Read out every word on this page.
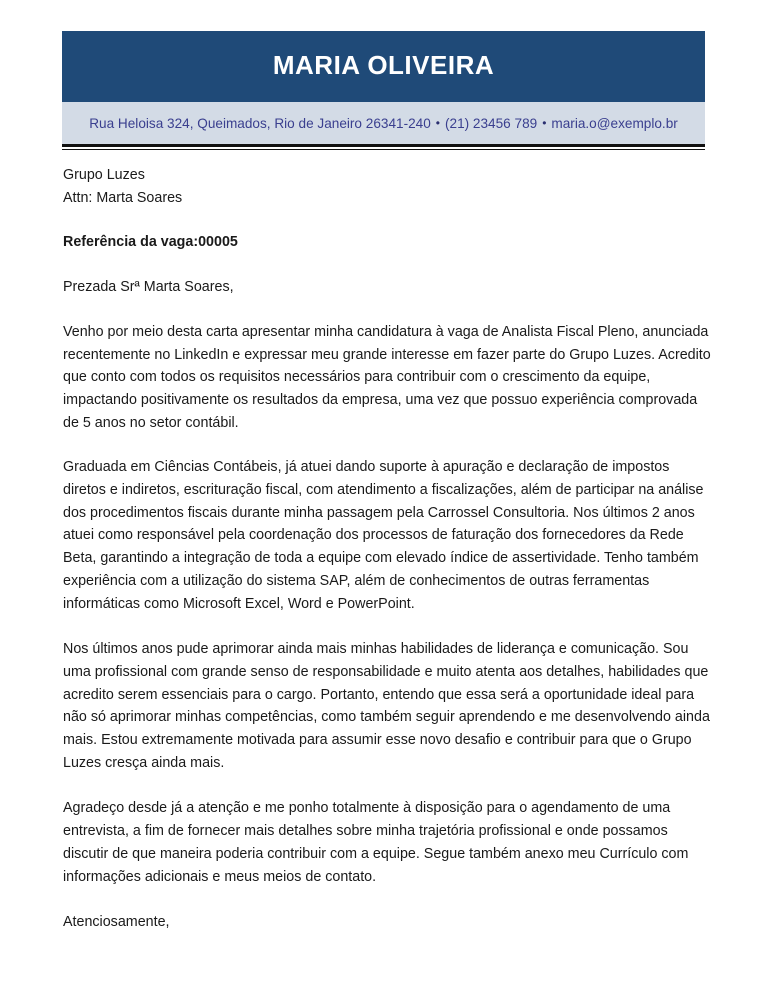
MARIA OLIVEIRA
Rua Heloisa 324, Queimados, Rio de Janeiro 26341-240 • (21) 23456 789 • maria.o@exemplo.br

Grupo Luzes

Attn: Marta Soares

Referência da vaga:00005

Prezada Srª Marta Soares,

Venho por meio desta carta apresentar minha candidatura à vaga de Analista Fiscal Pleno, anunciada recentemente no LinkedIn e expressar meu grande interesse em fazer parte do Grupo Luzes. Acredito que conto com todos os requisitos necessários para contribuir com o crescimento da equipe, impactando positivamente os resultados da empresa, uma vez que possuo experiência comprovada de 5 anos no setor contábil.

Graduada em Ciências Contábeis, já atuei dando suporte à apuração e declaração de impostos diretos e indiretos, escrituração fiscal, com atendimento a fiscalizações, além de participar na análise dos procedimentos fiscais durante minha passagem pela Carrossel Consultoria. Nos últimos 2 anos atuei como responsável pela coordenação dos processos de faturação dos fornecedores da Rede Beta, garantindo a integração de toda a equipe com elevado índice de assertividade. Tenho também experiência com a utilização do sistema SAP, além de conhecimentos de outras ferramentas informáticas como Microsoft Excel, Word e PowerPoint.

Nos últimos anos pude aprimorar ainda mais minhas habilidades de liderança e comunicação. Sou uma profissional com grande senso de responsabilidade e muito atenta aos detalhes, habilidades que acredito serem essenciais para o cargo. Portanto, entendo que essa será a oportunidade ideal para não só aprimorar minhas competências, como também seguir aprendendo e me desenvolvendo ainda mais. Estou extremamente motivada para assumir esse novo desafio e contribuir para que o Grupo Luzes cresça ainda mais.

Agradeço desde já a atenção e me ponho totalmente à disposição para o agendamento de uma entrevista, a fim de fornecer mais detalhes sobre minha trajetória profissional e onde possamos discutir de que maneira poderia contribuir com a equipe. Segue também anexo meu Currículo com informações adicionais e meus meios de contato.

Atenciosamente,
